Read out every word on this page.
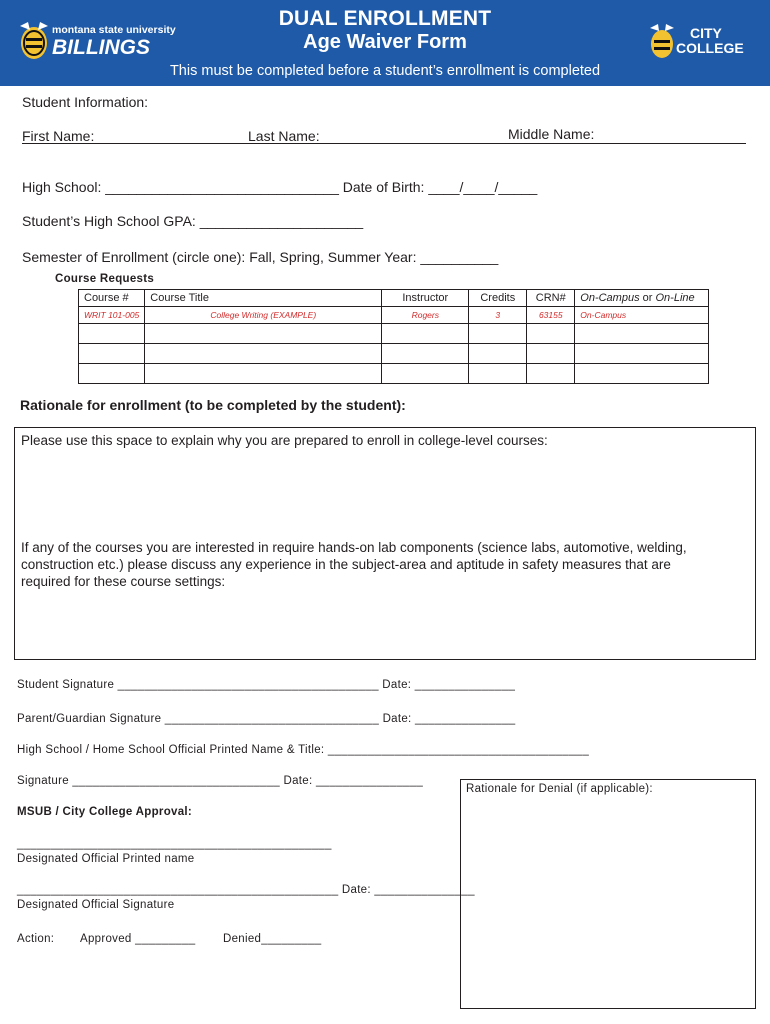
montana state university
BILLINGS
DUAL ENROLLMENT
Age Waiver Form
This must be completed before a student’s enrollment is completed
CITY
COLLEGE
Student Information:
First Name:	Last Name:	Middle Name:
High School: ______________________________ Date of Birth: ____/____/_____
Student’s High School GPA: _____________________
Semester of Enrollment (circle one): Fall, Spring, Summer Year: __________
Course Requests
Course #	Course Title	Instructor	Credits	CRN#	On-Campus or On-Line
WRIT 101-005	College Writing (EXAMPLE)	Rogers	3	63155	On-Campus

Rationale for enrollment (to be completed by the student):
Please use this space to explain why you are prepared to enroll in college-level courses:
If any of the courses you are interested in require hands-on lab components (science labs, automotive, welding,
construction etc.) please discuss any experience in the subject-area and aptitude in safety measures that are
required for these course settings:
Student Signature _______________________________________ Date: _______________
Parent/Guardian Signature ________________________________ Date: _______________
High School / Home School Official Printed Name & Title: _______________________________________
Signature _______________________________ Date: ________________
MSUB / City College Approval:
_______________________________________________
Designated Official Printed name
________________________________________________ Date: _______________
Designated Official Signature
Action: Approved _________ Denied_________
Rationale for Denial (if applicable):
